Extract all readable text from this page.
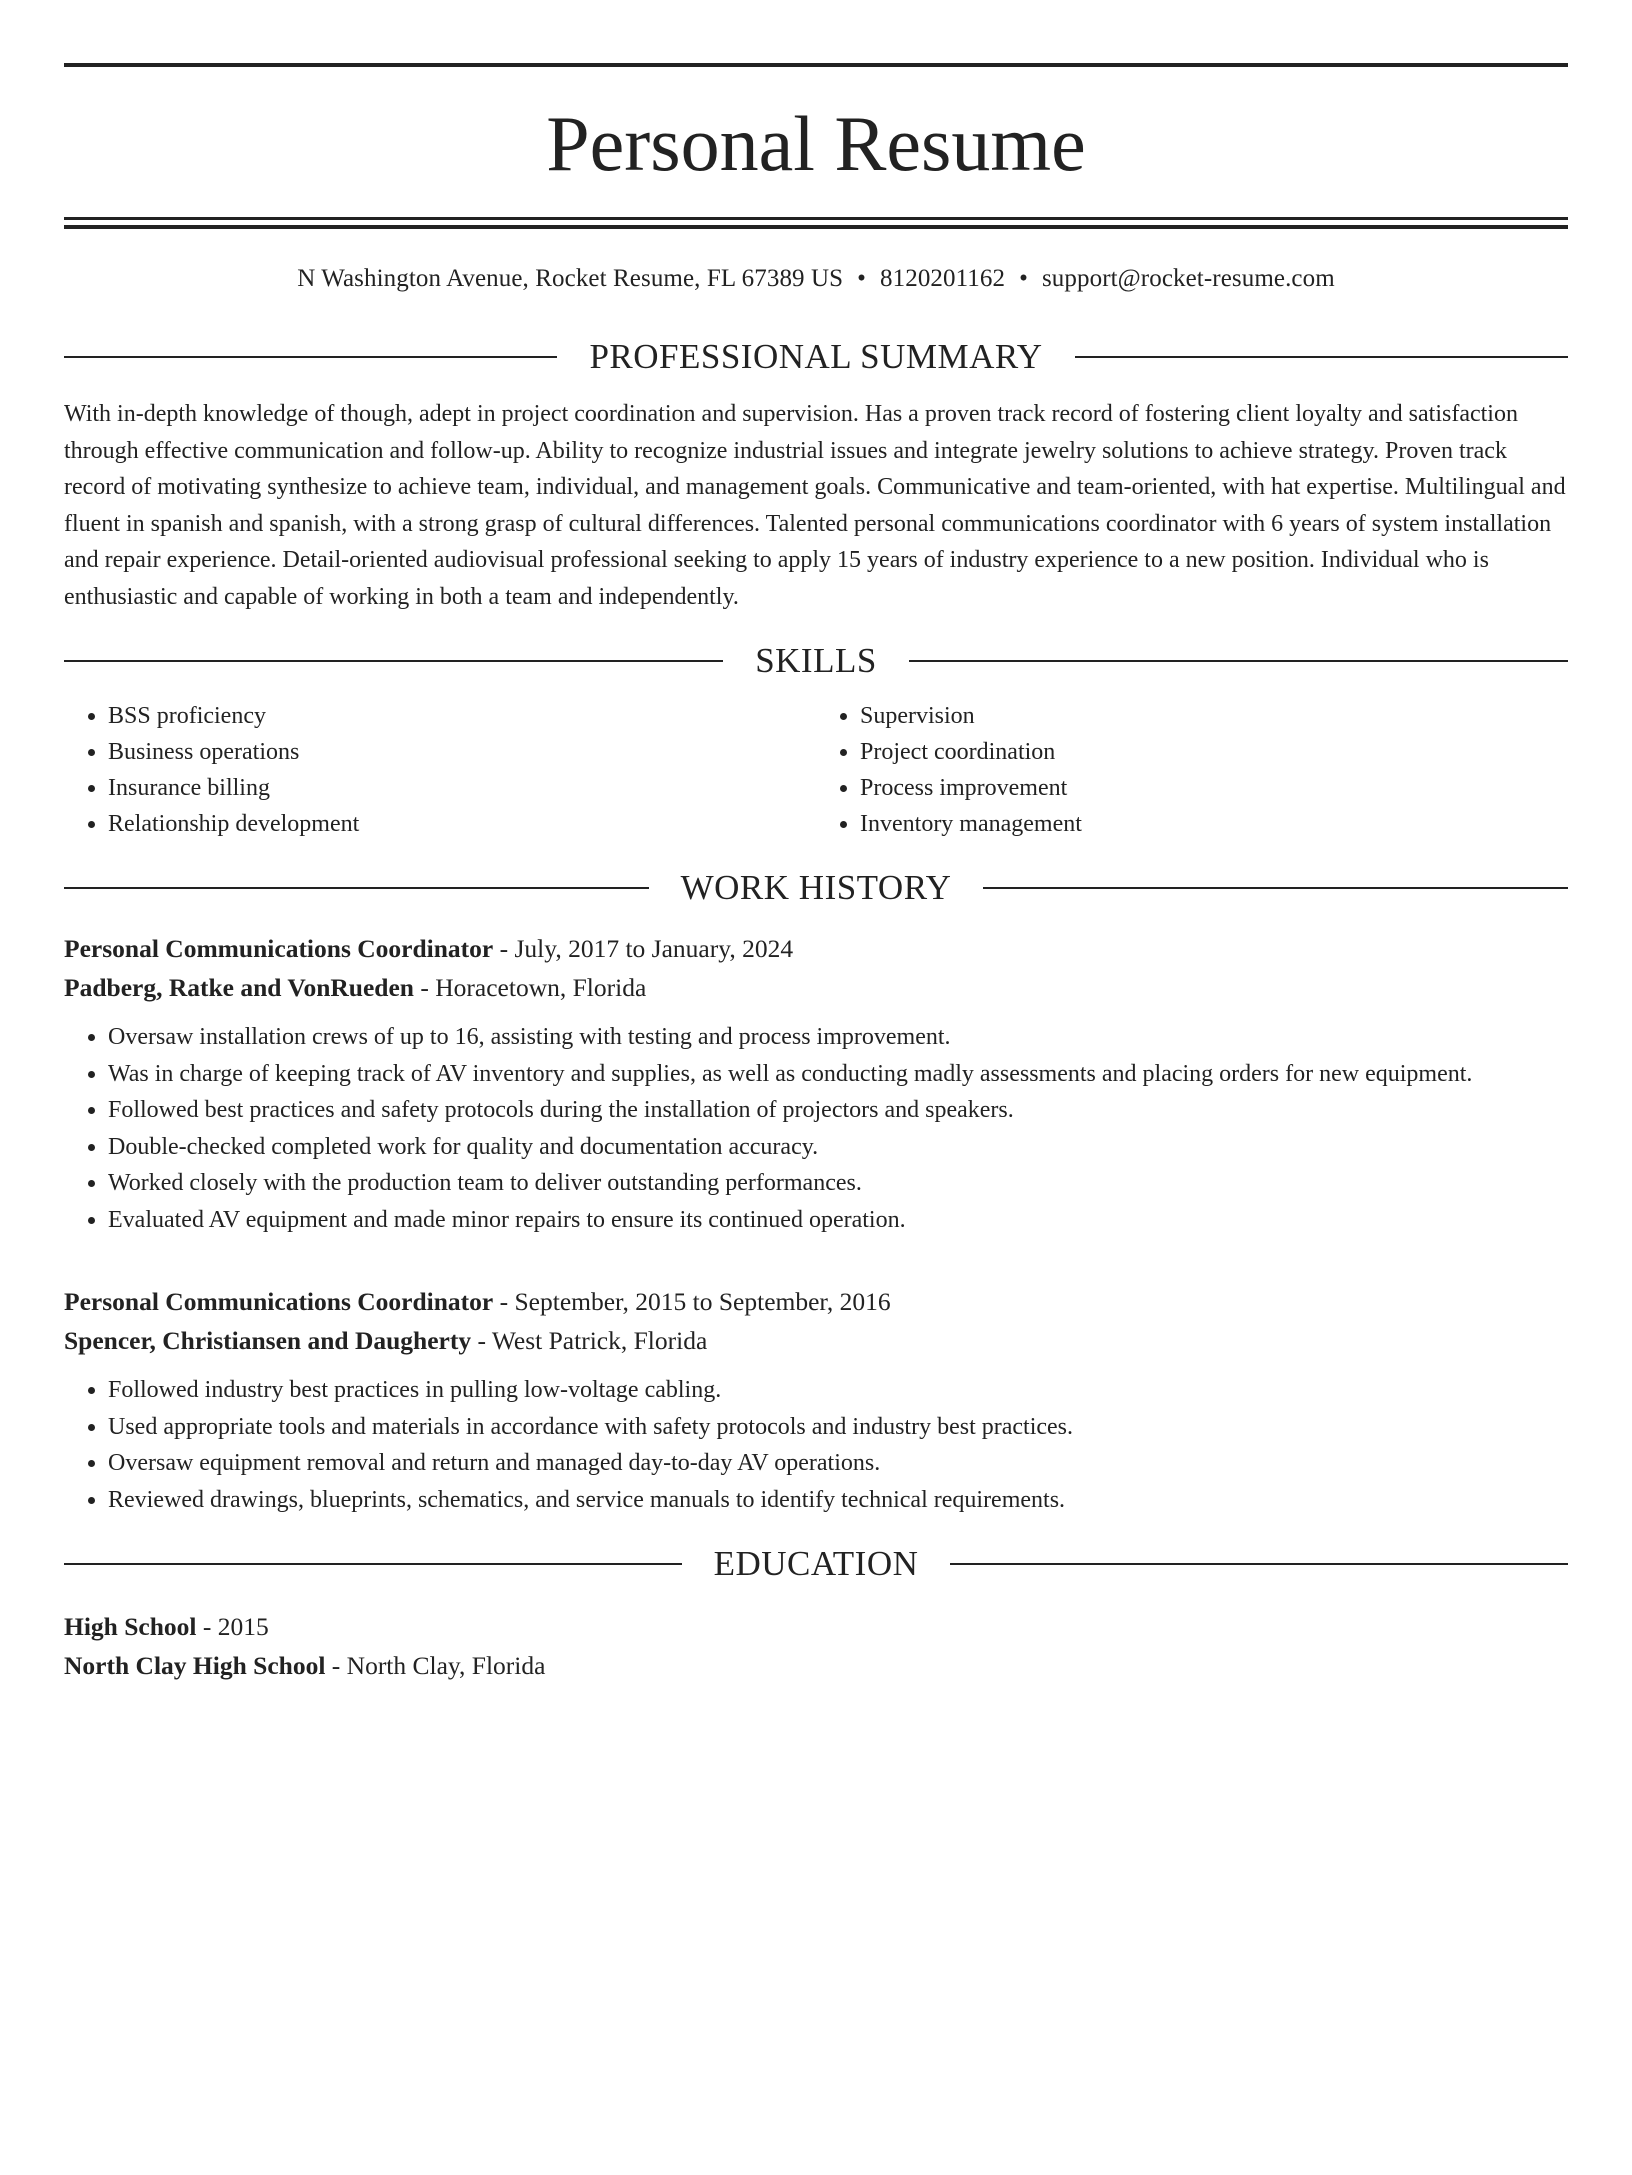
Personal Resume
N Washington Avenue, Rocket Resume, FL 67389 US • 8120201162 • support@rocket-resume.com
PROFESSIONAL SUMMARY
With in-depth knowledge of though, adept in project coordination and supervision. Has a proven track record of fostering client loyalty and satisfaction through effective communication and follow-up. Ability to recognize industrial issues and integrate jewelry solutions to achieve strategy. Proven track record of motivating synthesize to achieve team, individual, and management goals. Communicative and team-oriented, with hat expertise. Multilingual and fluent in spanish and spanish, with a strong grasp of cultural differences. Talented personal communications coordinator with 6 years of system installation and repair experience. Detail-oriented audiovisual professional seeking to apply 15 years of industry experience to a new position. Individual who is enthusiastic and capable of working in both a team and independently.
SKILLS
• BSS proficiency
• Business operations
• Insurance billing
• Relationship development
• Supervision
• Project coordination
• Process improvement
• Inventory management
WORK HISTORY
Personal Communications Coordinator - July, 2017 to January, 2024
Padberg, Ratke and VonRueden - Horacetown, Florida
• Oversaw installation crews of up to 16, assisting with testing and process improvement.
• Was in charge of keeping track of AV inventory and supplies, as well as conducting madly assessments and placing orders for new equipment.
• Followed best practices and safety protocols during the installation of projectors and speakers.
• Double-checked completed work for quality and documentation accuracy.
• Worked closely with the production team to deliver outstanding performances.
• Evaluated AV equipment and made minor repairs to ensure its continued operation.
Personal Communications Coordinator - September, 2015 to September, 2016
Spencer, Christiansen and Daugherty - West Patrick, Florida
• Followed industry best practices in pulling low-voltage cabling.
• Used appropriate tools and materials in accordance with safety protocols and industry best practices.
• Oversaw equipment removal and return and managed day-to-day AV operations.
• Reviewed drawings, blueprints, schematics, and service manuals to identify technical requirements.
EDUCATION
High School - 2015
North Clay High School - North Clay, Florida
